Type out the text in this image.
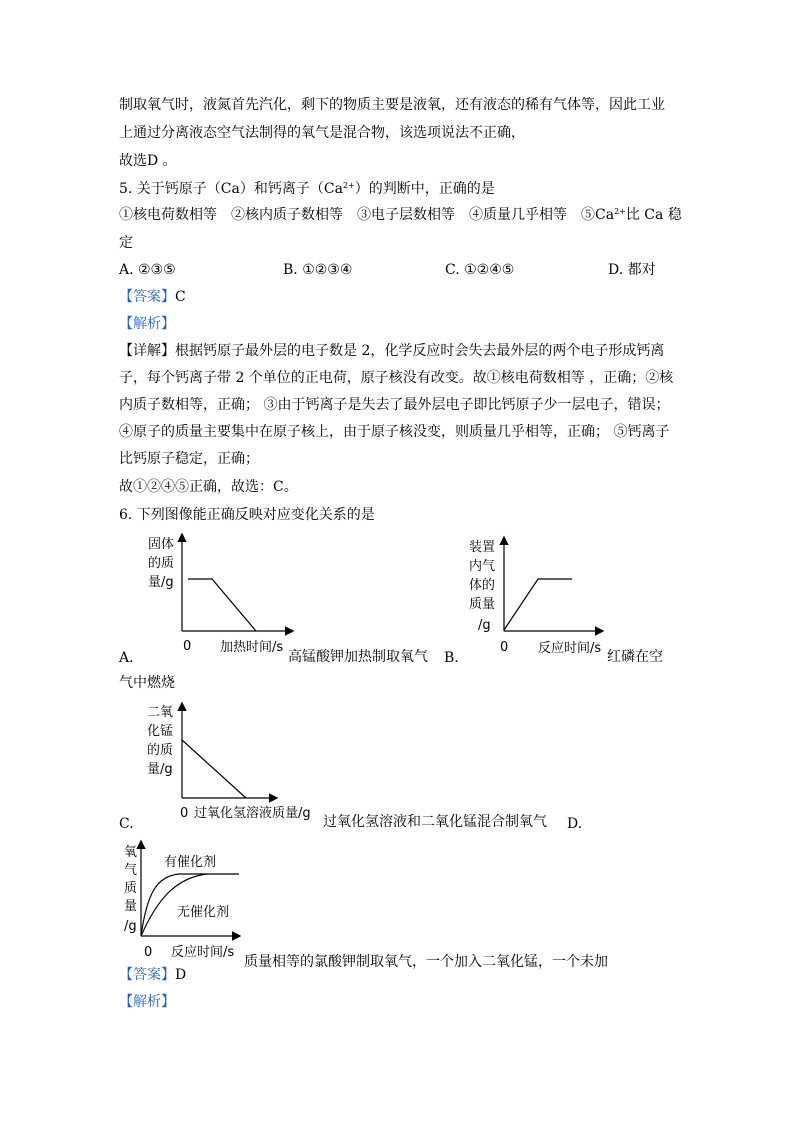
制取氧气时，液氮首先汽化，剩下的物质主要是液氧，还有液态的稀有气体等，因此工业
上通过分离液态空气法制得的氧气是混合物，该选项说法不正确，
故选D 。
5. 关于钙原子（Ca）和钙离子$(Ca^{2+})$的判断中，正确的是
①核电荷数相等　②核内质子数相等　③电子层数相等　④质量几乎相等　$⑤Ca^{2+}$比 Ca 稳
定
A. ②③⑤	B. ①②③④	C. ①②④⑤	D. 都对
【答案】C
【解析】
【详解】根据钙原子最外层的电子数是 2，化学反应时会失去最外层的两个电子形成钙离
子，每个钙离子带 2 个单位的正电荷，原子核没有改变。故①核电荷数相等 ，正确；②核
内质子数相等，正确； ③由于钙离子是失去了最外层电子即比钙原子少一层电子，错误；
④原子的质量主要集中在原子核上，由于原子核没变，则质量几乎相等，正确； ⑤钙离子
比钙原子稳定，正确；
故①②④⑤正确，故选：C。
6. 下列图像能正确反映对应变化关系的是
固体
的质
量/g
0 加热时间/s
A.	高锰酸钾加热制取氧气
装置
内气
体的
质量
/g
0 反应时间/s
B.	红磷在空
气中燃烧
二氧
化锰
的质
量/g
0 过氧化氢溶液质量/g
C.	过氧化氢溶液和二氧化锰混合制氧气 D.
氧
气
质
量
/g
有催化剂
无催化剂
0 反应时间/s
质量相等的氯酸钾制取氧气，一个加入二氧化锰，一个未加
【答案】D
【解析】
